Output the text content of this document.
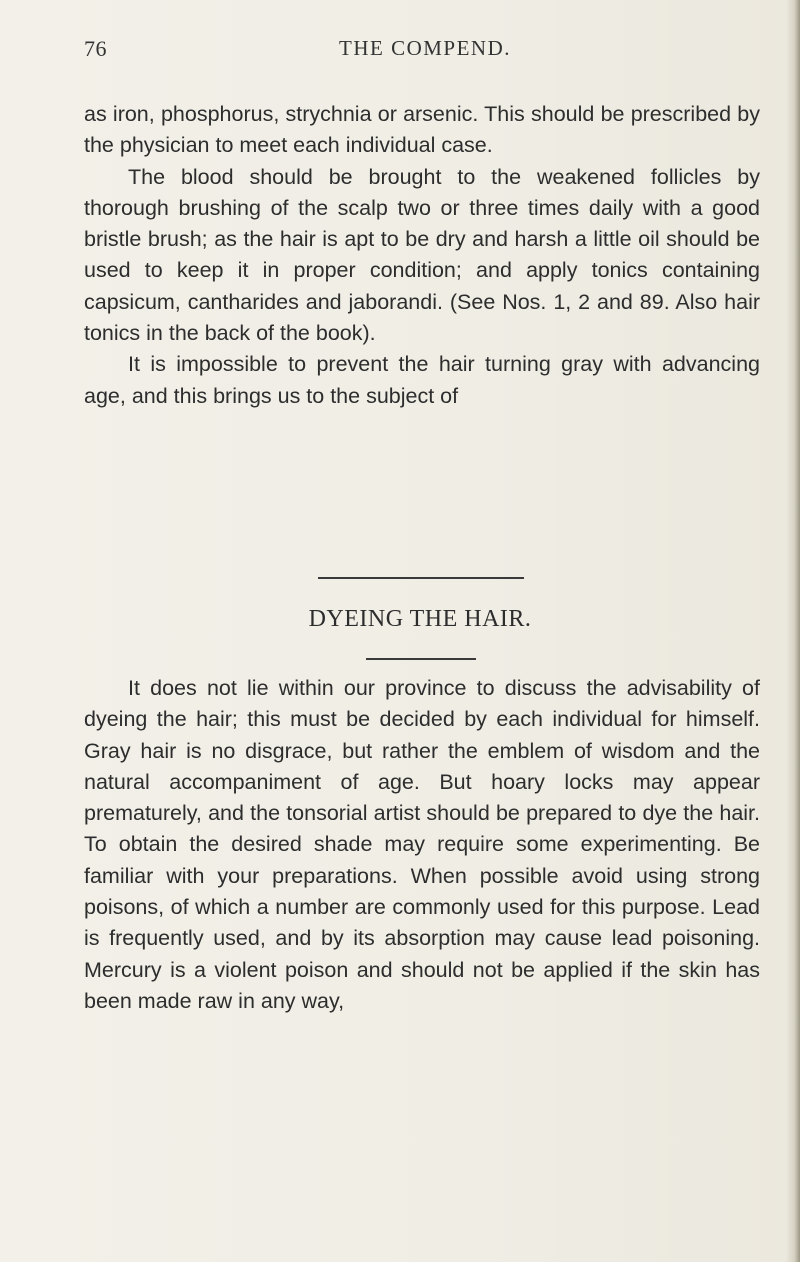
76	THE COMPEND.

as iron, phosphorus, strychnia or arsenic. This should be prescribed by the physician to meet each individual case.

The blood should be brought to the weakened follicles by thorough brushing of the scalp two or three times daily with a good bristle brush; as the hair is apt to be dry and harsh a little oil should be used to keep it in proper condition; and apply tonics containing capsicum, cantharides and jaborandi. (See Nos. 1, 2 and 89. Also hair tonics in the back of the book).

It is impossible to prevent the hair turning gray with advancing age, and this brings us to the subject of

DYEING THE HAIR.

It does not lie within our province to discuss the advisability of dyeing the hair; this must be decided by each individual for himself. Gray hair is no disgrace, but rather the emblem of wisdom and the natural accompaniment of age. But hoary locks may appear prematurely, and the tonsorial artist should be prepared to dye the hair. To obtain the desired shade may require some experimenting. Be familiar with your preparations. When possible avoid using strong poisons, of which a number are commonly used for this purpose. Lead is frequently used, and by its absorption may cause lead poisoning. Mercury is a violent poison and should not be applied if the skin has been made raw in any way,
